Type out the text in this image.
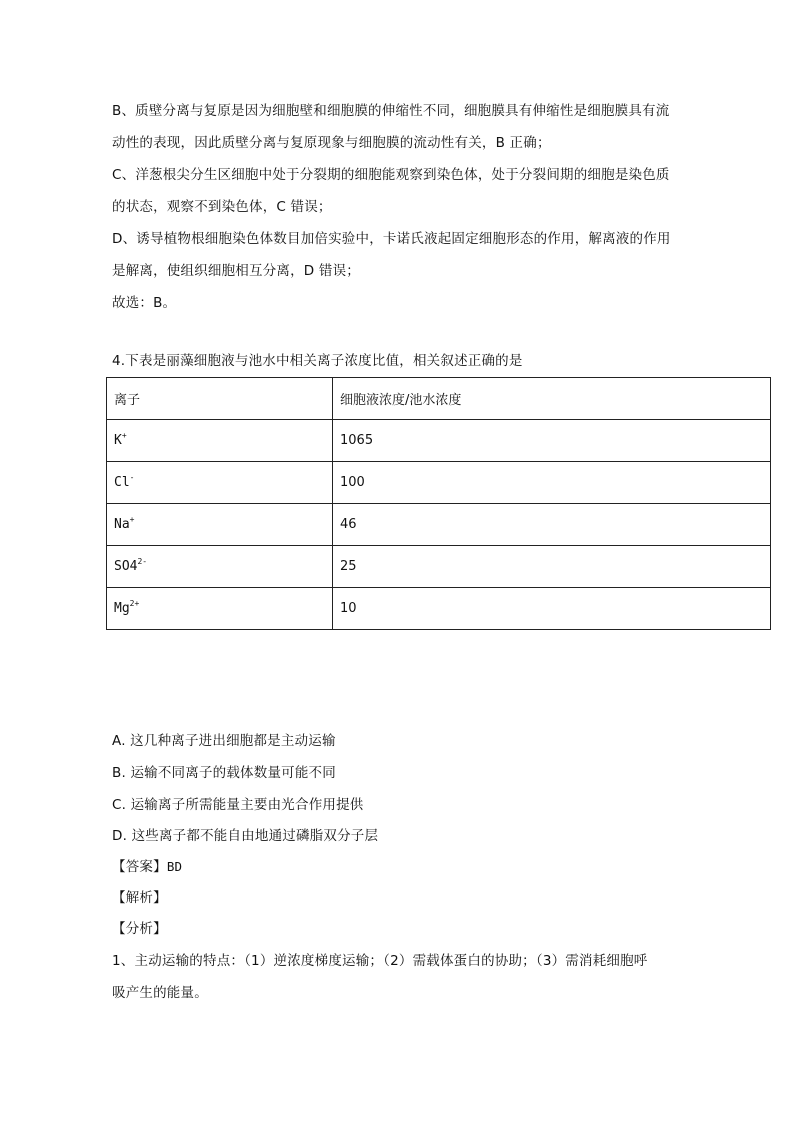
B、质壁分离与复原是因为细胞壁和细胞膜的伸缩性不同，细胞膜具有伸缩性是细胞膜具有流
动性的表现，因此质壁分离与复原现象与细胞膜的流动性有关，B 正确；
C、洋葱根尖分生区细胞中处于分裂期的细胞能观察到染色体，处于分裂间期的细胞是染色质
的状态，观察不到染色体，C 错误；
D、诱导植物根细胞染色体数目加倍实验中，卡诺氏液起固定细胞形态的作用，解离液的作用
是解离，使组织细胞相互分离，D 错误；
故选：B。
4.下表是丽藻细胞液与池水中相关离子浓度比值，相关叙述正确的是
离子	细胞液浓度/池水浓度
K+	1065
Cl-	100
Na+	46
$SO4^{2-}$	25
$Mg^{2+}$	10
A. 这几种离子进出细胞都是主动运输
B. 运输不同离子的载体数量可能不同
C. 运输离子所需能量主要由光合作用提供
D. 这些离子都不能自由地通过磷脂双分子层
【答案】BD
【解析】
【分析】
1、主动运输的特点：（1）逆浓度梯度运输；（2）需载体蛋白的协助；（3）需消耗细胞呼
吸产生的能量。
